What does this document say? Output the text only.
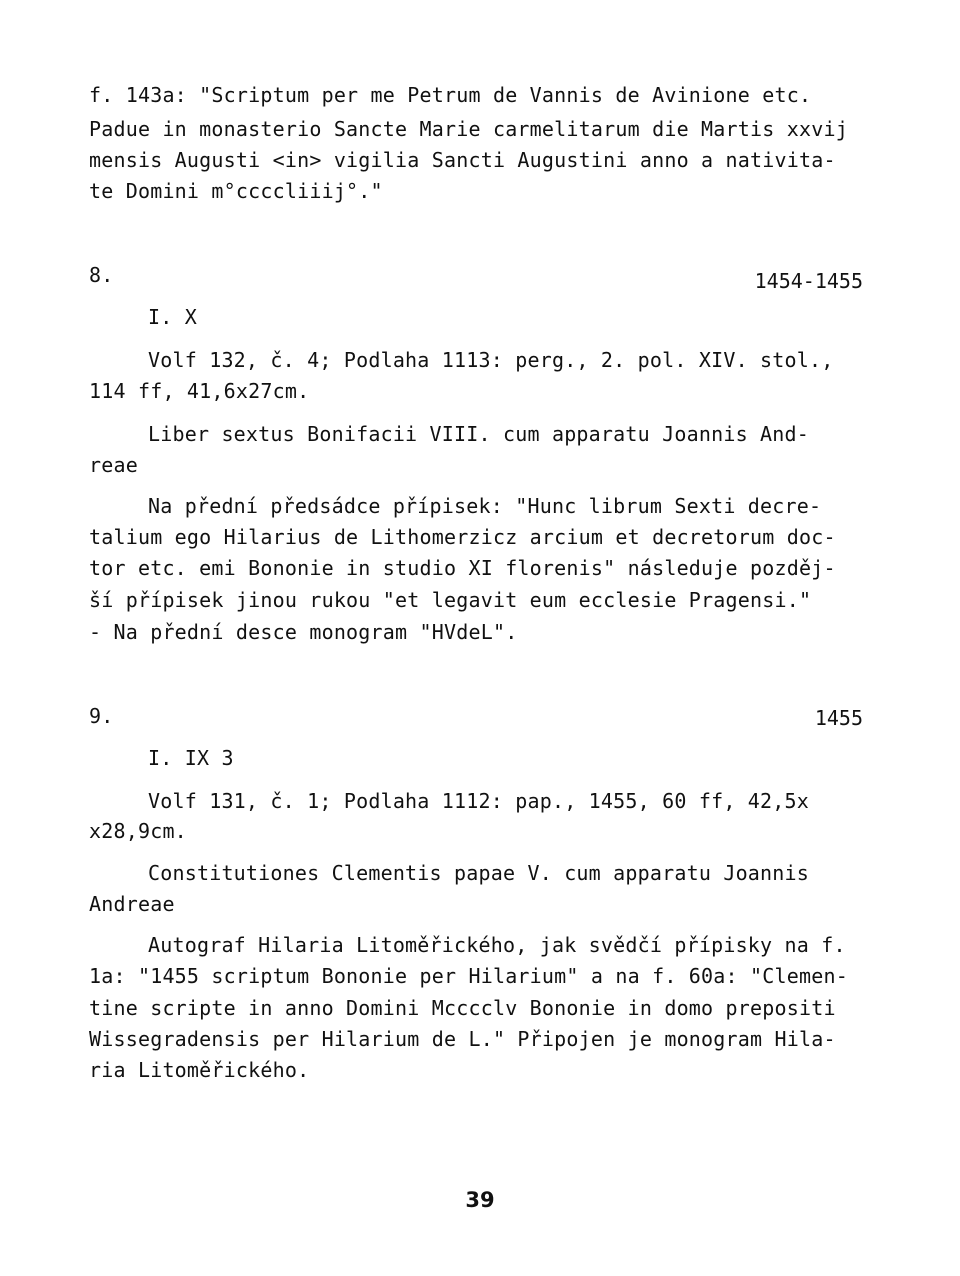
f. 143a: "Scriptum per me Petrum de Vannis de Avinione etc.
Padue in monasterio Sancte Marie carmelitarum die Martis xxvij
mensis Augusti <in> vigilia Sancti Augustini anno a nativita-
te Domini m°ccccliiij°."
8.	1454-1455
I. X
Volf 132, č. 4; Podlaha 1113: perg., 2. pol. XIV. stol.,
114 ff, 41,6x27cm.
Liber sextus Bonifacii VIII. cum apparatu Joannis And-
reae
Na přední předsádce přípisek: "Hunc librum Sexti decre-
talium ego Hilarius de Lithomerzicz arcium et decretorum doc-
tor etc. emi Bononie in studio XI florenis" následuje pozděj-
ší přípisek jinou rukou "et legavit eum ecclesie Pragensi."
- Na přední desce monogram "HVdeL".
9.	1455
I. IX 3
Volf 131, č. 1; Podlaha 1112: pap., 1455, 60 ff, 42,5x
x28,9cm.
Constitutiones Clementis papae V. cum apparatu Joannis
Andreae
Autograf Hilaria Litoměřického, jak svědčí přípisky na f.
1a: "1455 scriptum Bononie per Hilarium" a na f. 60a: "Clemen-
tine scripte in anno Domini Mcccclv Bononie in domo prepositi
Wissegradensis per Hilarium de L." Připojen je monogram Hila-
ria Litoměřického.
39
